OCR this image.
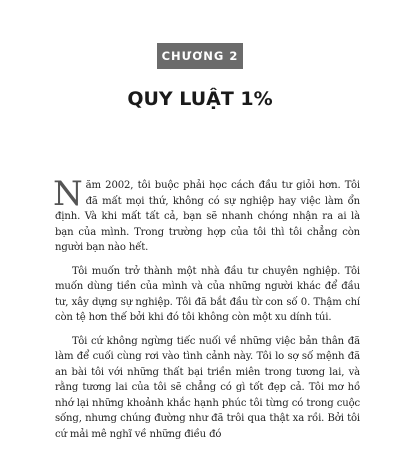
CHƯƠNG 2
QUY LUẬT 1%

Năm 2002, tôi buộc phải học cách đầu tư giỏi hơn. Tôi đã mất mọi thứ, không có sự nghiệp hay việc làm ổn định. Và khi mất tất cả, bạn sẽ nhanh chóng nhận ra ai là bạn của mình. Trong trường hợp của tôi thì tôi chẳng còn người bạn nào hết.

Tôi muốn trở thành một nhà đầu tư chuyên nghiệp. Tôi muốn dùng tiền của mình và của những người khác để đầu tư, xây dựng sự nghiệp. Tôi đã bắt đầu từ con số 0. Thậm chí còn tệ hơn thế bởi khi đó tôi không còn một xu dính túi.

Tôi cứ không ngừng tiếc nuối về những việc bản thân đã làm để cuối cùng rơi vào tình cảnh này. Tôi lo sợ số mệnh đã an bài tôi với những thất bại triền miên trong tương lai, và rằng tương lai của tôi sẽ chẳng có gì tốt đẹp cả. Tôi mơ hồ nhớ lại những khoảnh khắc hạnh phúc tôi từng có trong cuộc sống, nhưng chúng đường như đã trôi qua thật xa rồi. Bởi tôi cứ mải mê nghĩ về những điều đó
